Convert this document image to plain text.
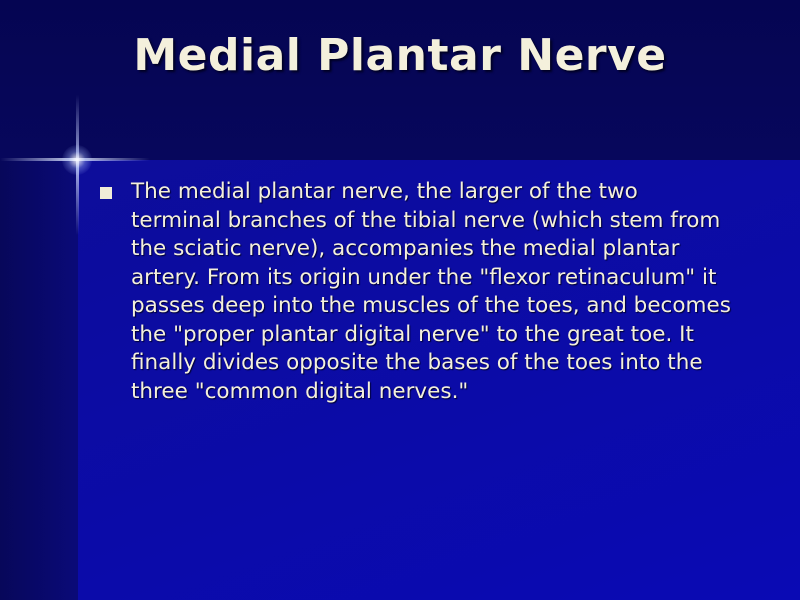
Medial Plantar Nerve
The medial plantar nerve, the larger of the two terminal branches of the tibial nerve (which stem from the sciatic nerve), accompanies the medial plantar artery. From its origin under the "flexor retinaculum" it passes deep into the muscles of the toes, and becomes the "proper plantar digital nerve" to the great toe. It finally divides opposite the bases of the toes into the three "common digital nerves."
